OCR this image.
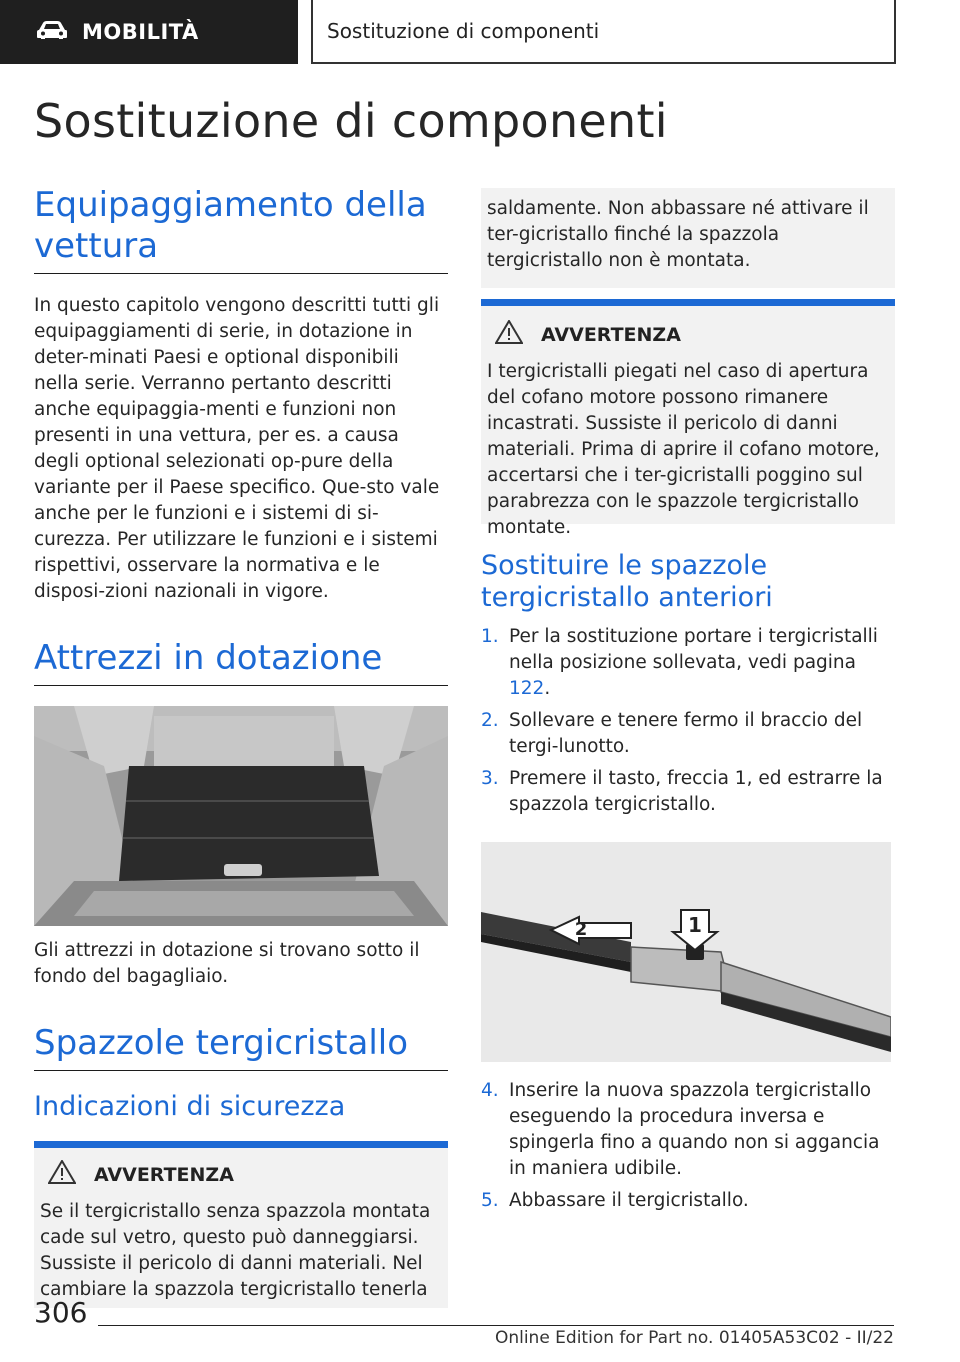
MOBILITÀ	Sostituzione di componenti
Sostituzione di componenti
Equipaggiamento della vettura

In questo capitolo vengono descritti tutti gli equipaggiamenti di serie, in dotazione in deter-minati Paesi e optional disponibili nella serie. Verranno pertanto descritti anche equipaggia-menti e funzioni non presenti in una vettura, per es. a causa degli optional selezionati op-pure della variante per il Paese specifico. Que-sto vale anche per le funzioni e i sistemi di si-curezza. Per utilizzare le funzioni e i sistemi rispettivi, osservare la normativa e le disposi-zioni nazionali in vigore.

Attrezzi in dotazione

Gli attrezzi in dotazione si trovano sotto il fondo del bagagliaio.

Spazzole tergicristallo
Indicazioni di sicurezza
AVVERTENZA

Se il tergicristallo senza spazzola montata cade sul vetro, questo può danneggiarsi. Sussiste il pericolo di danni materiali. Nel cambiare la spazzola tergicristallo tenerla

saldamente. Non abbassare né attivare il ter-gicristallo finché la spazzola tergicristallo non è montata.

AVVERTENZA

I tergicristalli piegati nel caso di apertura del cofano motore possono rimanere incastrati. Sussiste il pericolo di danni materiali. Prima di aprire il cofano motore, accertarsi che i ter-gicristalli poggino sul parabrezza con le spazzole tergicristallo montate.

Sostituire le spazzole tergicristallo anteriori
1. Per la sostituzione portare i tergicristalli nella posizione sollevata, vedi pagina 122.
2. Sollevare e tenere fermo il braccio del tergi-lunotto.
3. Premere il tasto, freccia 1, ed estrarre la spazzola tergicristallo.
1
2
4. Inserire la nuova spazzola tergicristallo eseguendo la procedura inversa e spingerla fino a quando non si aggancia in maniera udibile.
5. Abbassare il tergicristallo.
306
Online Edition for Part no. 01405A53C02 - II/22
